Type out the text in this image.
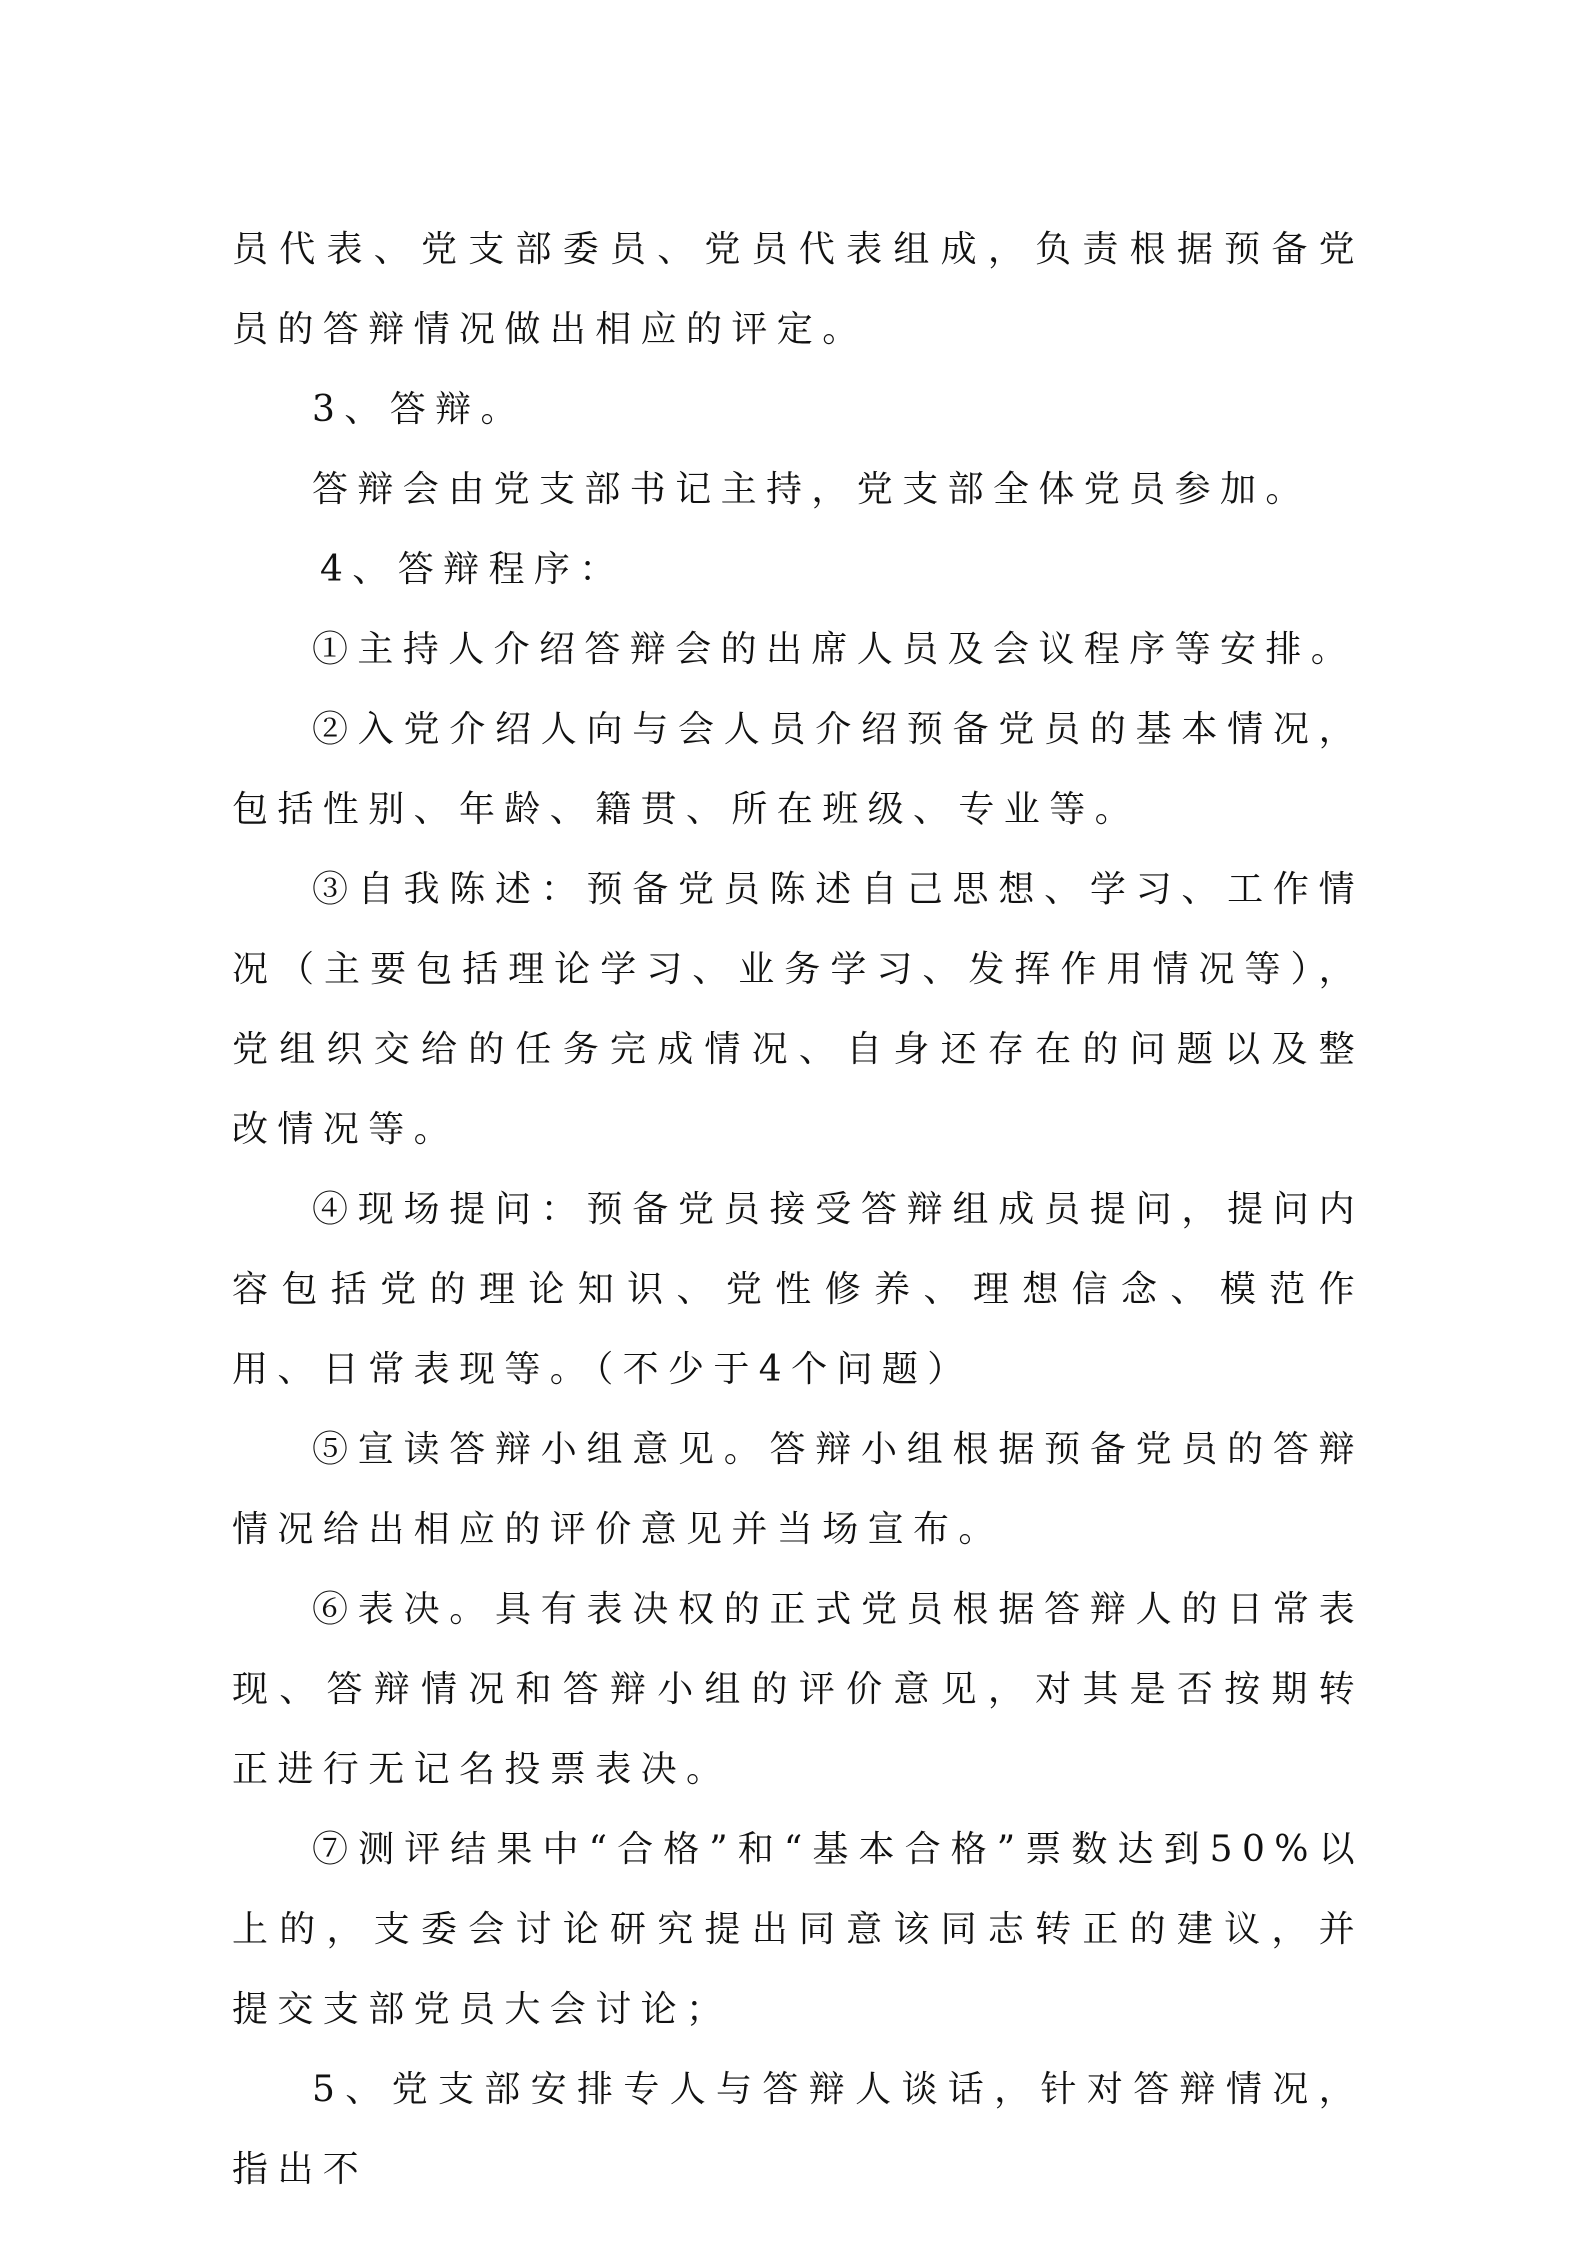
员代表、党支部委员、党员代表组成，负责根据预备党员的答辩情况做出相应的评定。

3、答辩。

答辩会由党支部书记主持，党支部全体党员参加。

4、答辩程序：

①主持人介绍答辩会的出席人员及会议程序等安排。

②入党介绍人向与会人员介绍预备党员的基本情况，包括性别、年龄、籍贯、所在班级、专业等。

③自我陈述：预备党员陈述自己思想、学习、工作情况（主要包括理论学习、业务学习、发挥作用情况等），党组织交给的任务完成情况、自身还存在的问题以及整改情况等。

④现场提问：预备党员接受答辩组成员提问，提问内容包括党的理论知识、党性修养、理想信念、模范作用、日常表现等。（不少于4个问题）

⑤宣读答辩小组意见。答辩小组根据预备党员的答辩情况给出相应的评价意见并当场宣布。

⑥表决。具有表决权的正式党员根据答辩人的日常表现、答辩情况和答辩小组的评价意见，对其是否按期转正进行无记名投票表决。

⑦测评结果中“合格”和“基本合格”票数达到50%以上的，支委会讨论研究提出同意该同志转正的建议，并提交支部党员大会讨论；

5、党支部安排专人与答辩人谈话，针对答辩情况，指出不
